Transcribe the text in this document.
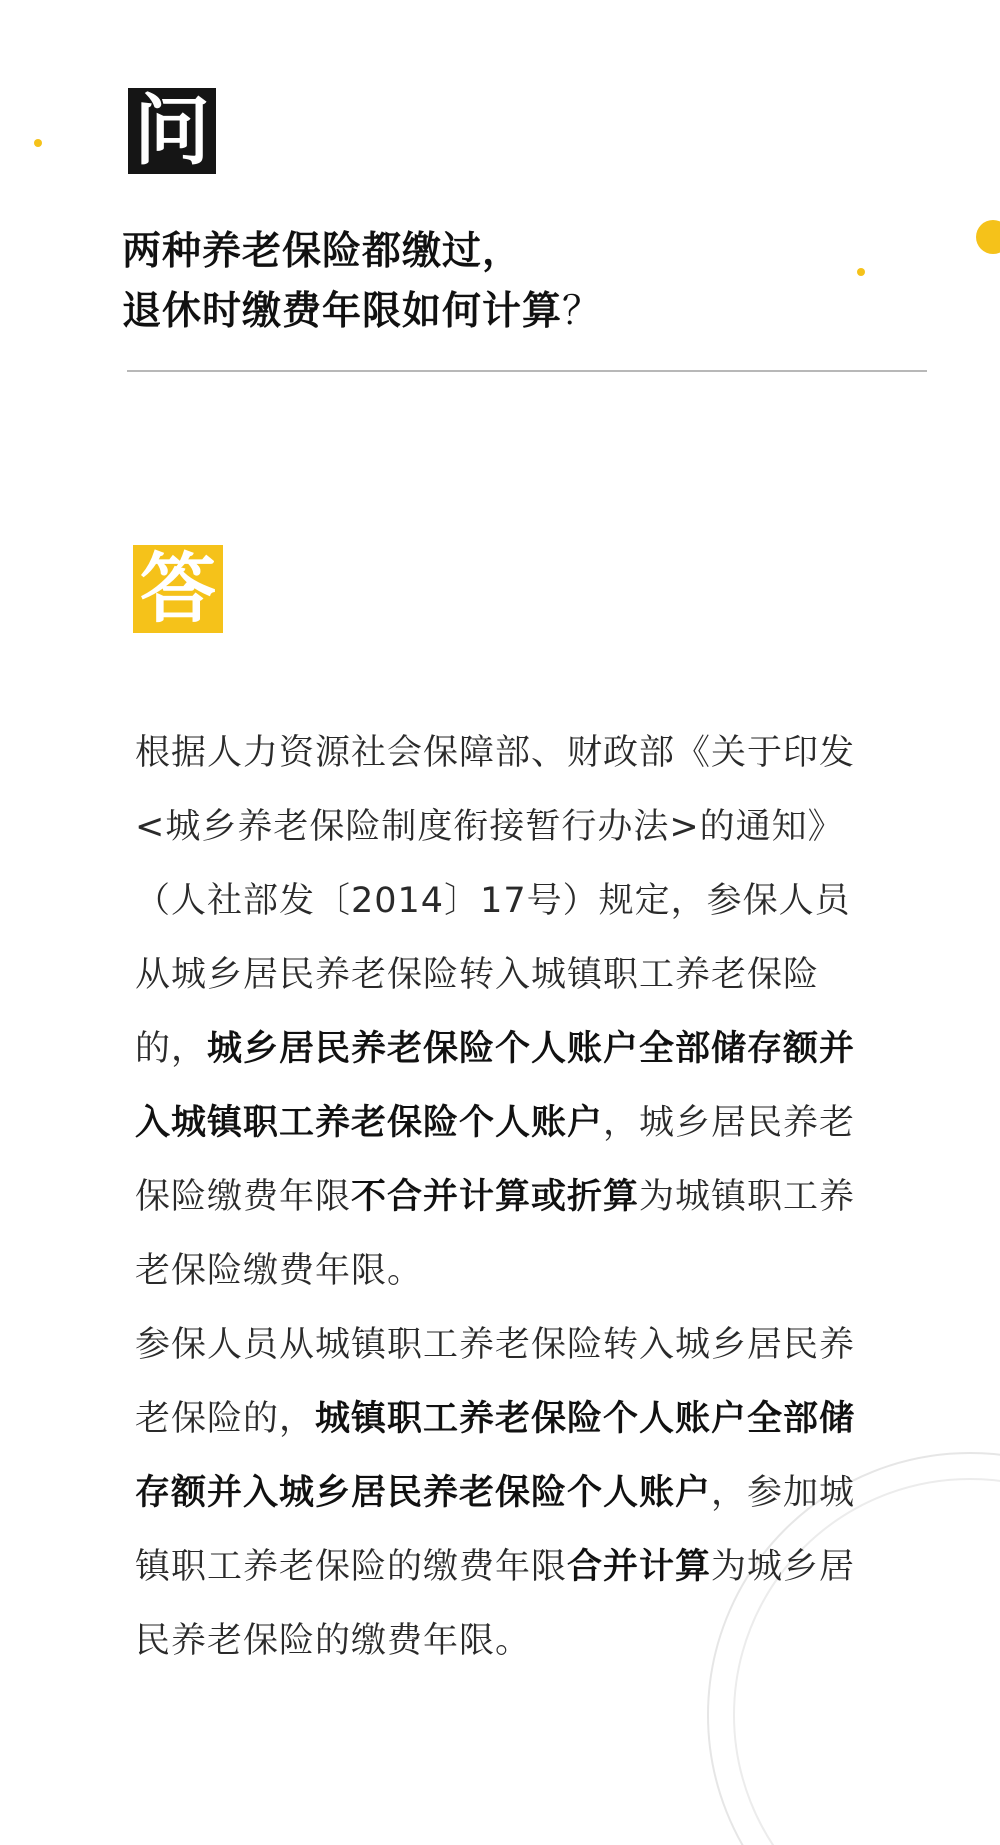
问
两种养老保险都缴过，
退休时缴费年限如何计算？
答

根据人力资源社会保障部、财政部《关于印发<城乡养老保险制度衔接暂行办法>的通知》（人社部发〔2014〕17号）规定，参保人员从城乡居民养老保险转入城镇职工养老保险的，城乡居民养老保险个人账户全部储存额并入城镇职工养老保险个人账户，城乡居民养老保险缴费年限不合并计算或折算为城镇职工养老保险缴费年限。

参保人员从城镇职工养老保险转入城乡居民养老保险的，城镇职工养老保险个人账户全部储存额并入城乡居民养老保险个人账户，参加城镇职工养老保险的缴费年限合并计算为城乡居民养老保险的缴费年限。
